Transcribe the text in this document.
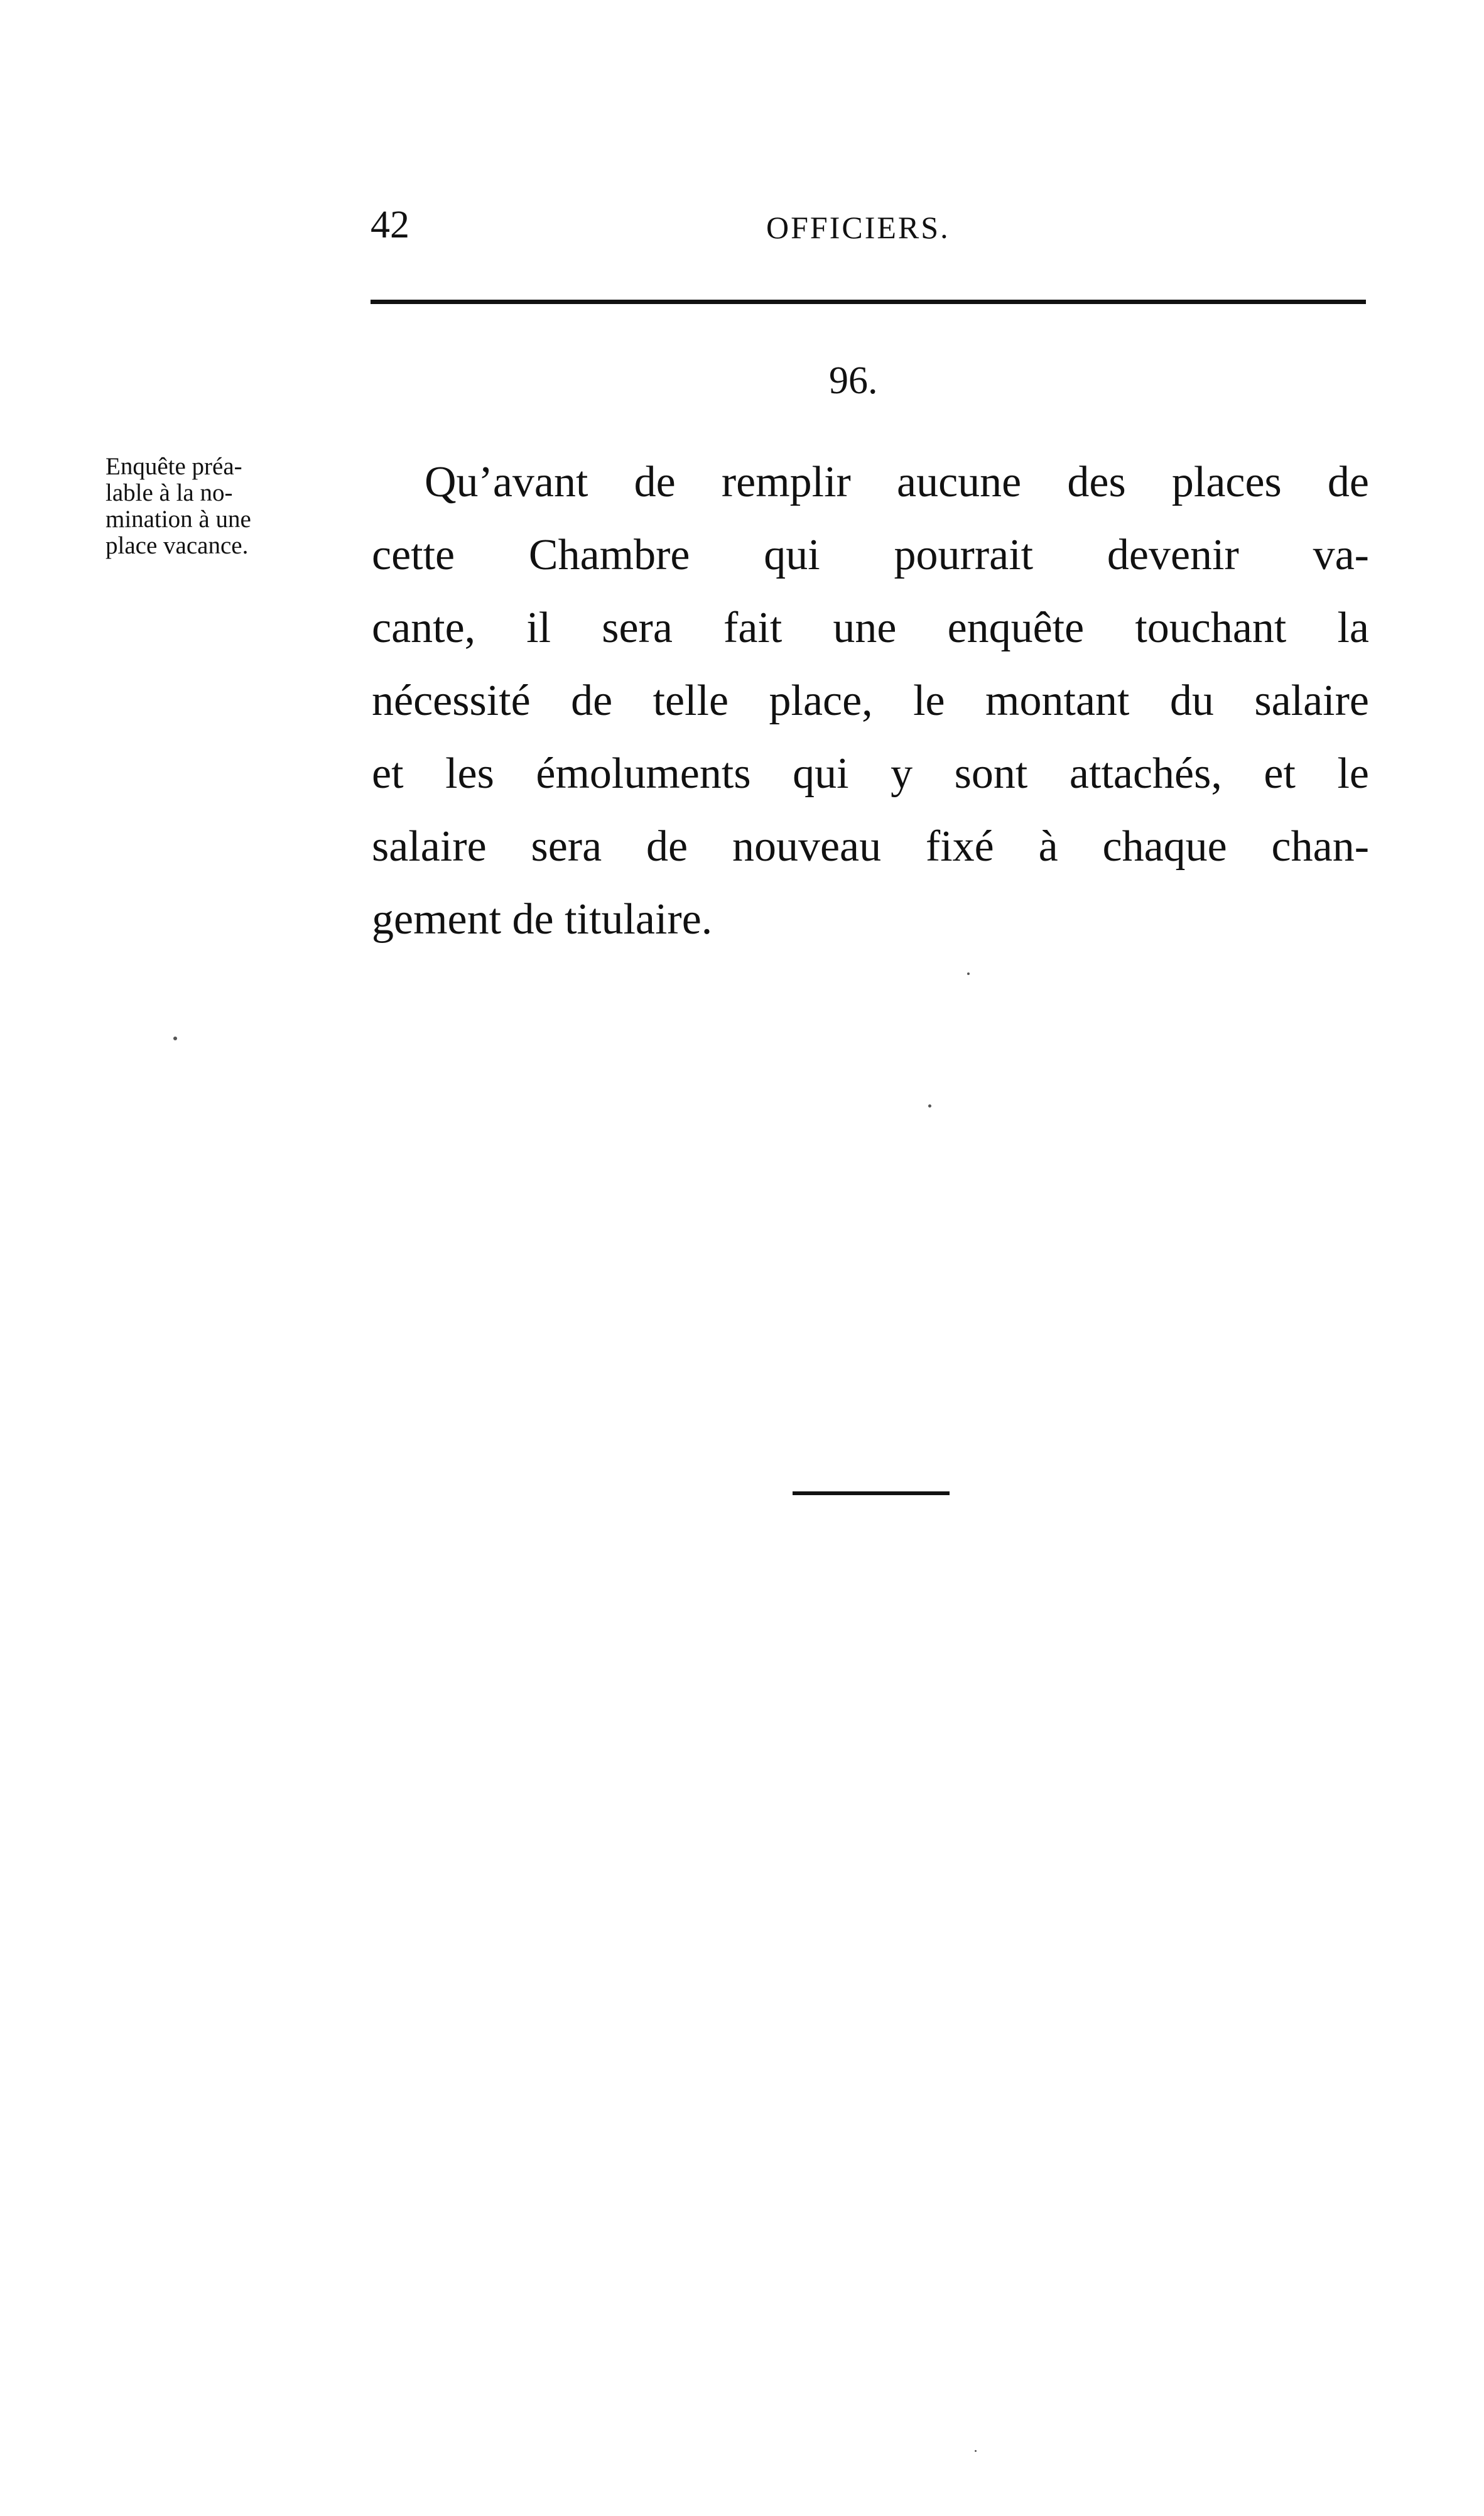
42	OFFICIERS.
96.
Enquête préa-
lable à la no-
mination à une
place vacance.
Qu’avant de remplir aucune des places de
cette Chambre qui pourrait devenir va-
cante, il sera fait une enquête touchant la
nécessité de telle place, le montant du salaire
et les émoluments qui y sont attachés, et le
salaire sera de nouveau fixé à chaque chan-
gement de titulaire.
